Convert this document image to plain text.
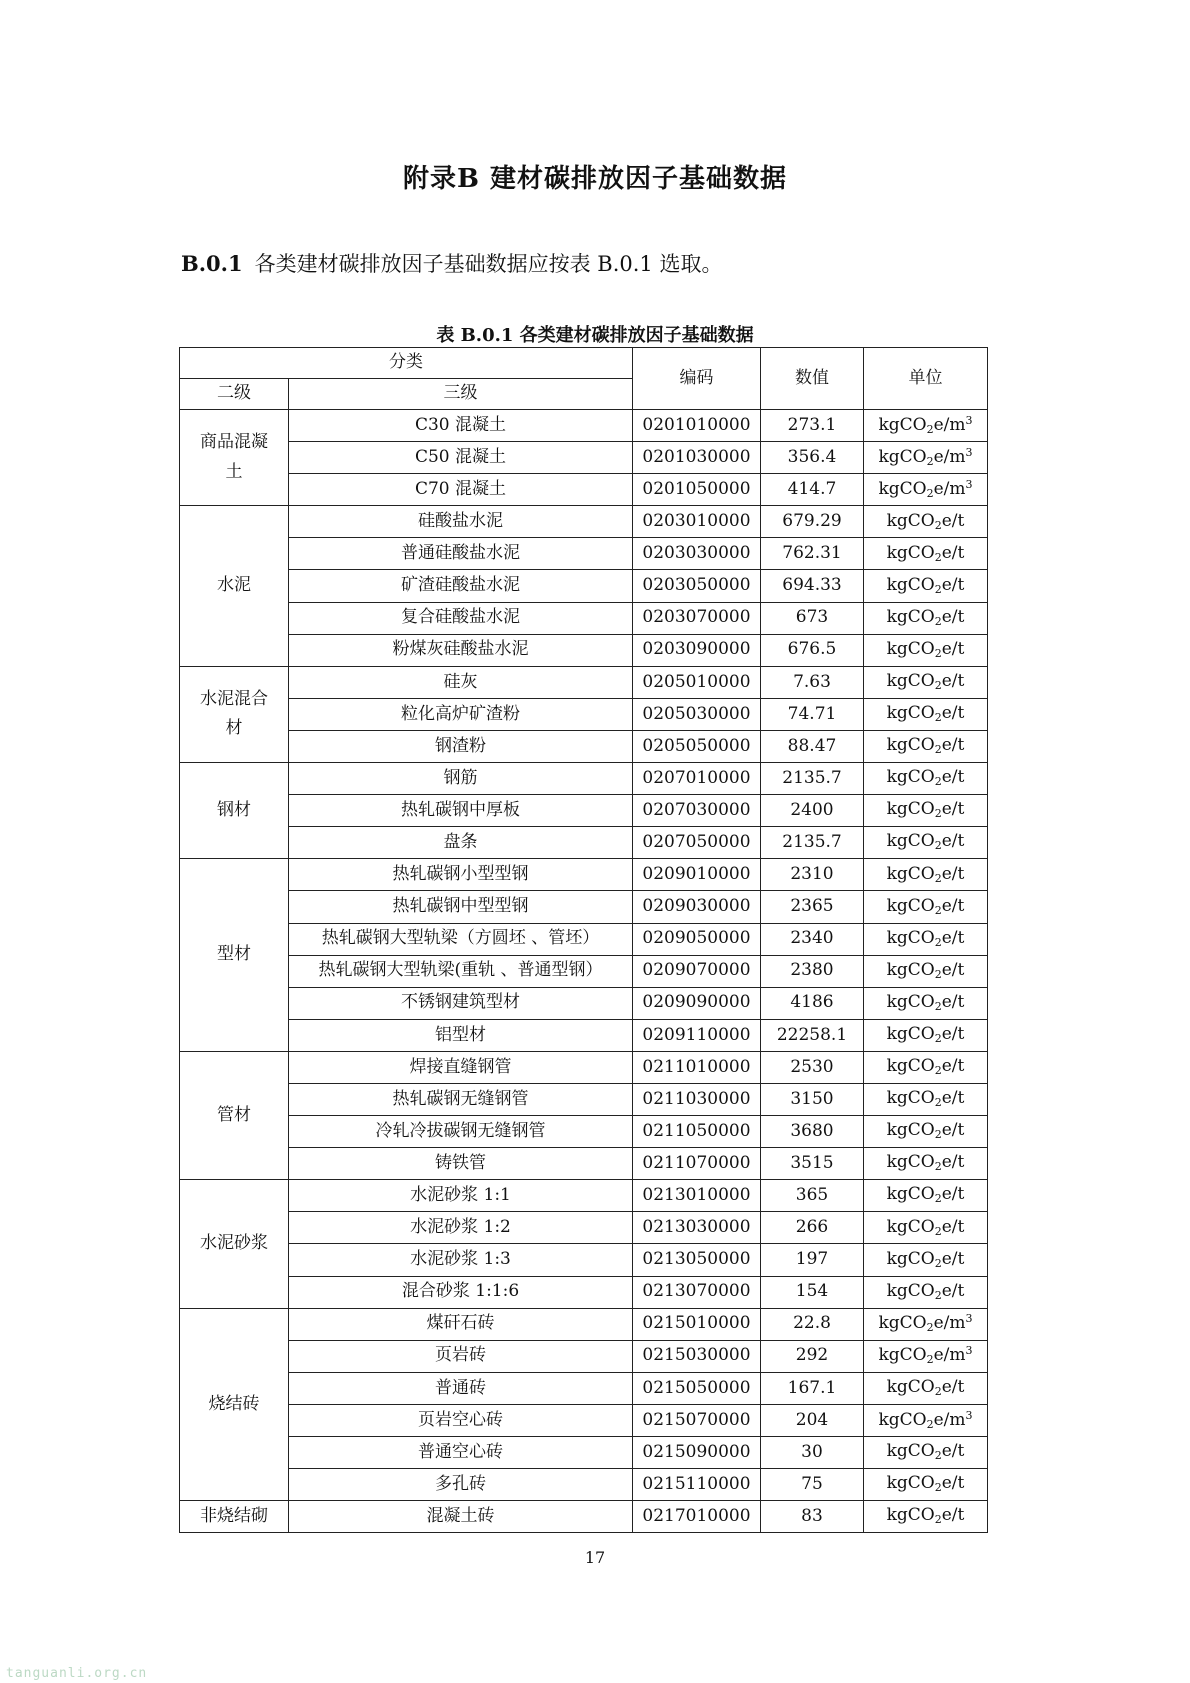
附录B 建材碳排放因子基础数据
B.0.1 各类建材碳排放因子基础数据应按表 B.0.1 选取。
表 B.0.1 各类建材碳排放因子基础数据
分类		编码	数值	单位
二级	三级			
商品混凝土	C30 混凝土	0201010000	273.1	$kgCO_2e/m^3$
	C50 混凝土	0201030000	356.4	$kgCO_2e/m^3$
	C70 混凝土	0201050000	414.7	$kgCO_2e/m^3$
水泥	硅酸盐水泥	0203010000	679.29	kgCO$_2$e/t
	普通硅酸盐水泥	0203030000	762.31	kgCO$_2$e/t
	矿渣硅酸盐水泥	0203050000	694.33	kgCO$_2$e/t
	复合硅酸盐水泥	0203070000	673	kgCO$_2$e/t
	粉煤灰硅酸盐水泥	0203090000	676.5	kgCO$_2$e/t
水泥混合材	硅灰	0205010000	7.63	kgCO$_2$e/t
	粒化高炉矿渣粉	0205030000	74.71	kgCO$_2$e/t
	钢渣粉	0205050000	88.47	kgCO$_2$e/t
钢材	钢筋	0207010000	2135.7	kgCO$_2$e/t
	热轧碳钢中厚板	0207030000	2400	kgCO$_2$e/t
	盘条	0207050000	2135.7	kgCO$_2$e/t
型材	热轧碳钢小型型钢	0209010000	2310	kgCO$_2$e/t
	热轧碳钢中型型钢	0209030000	2365	kgCO$_2$e/t
	热轧碳钢大型轨梁（方圆坯 、管坯）	0209050000	2340	kgCO$_2$e/t
	热轧碳钢大型轨梁(重轨 、普通型钢）	0209070000	2380	kgCO$_2$e/t
	不锈钢建筑型材	0209090000	4186	kgCO$_2$e/t
	铝型材	0209110000	22258.1	kgCO$_2$e/t
管材	焊接直缝钢管	0211010000	2530	kgCO$_2$e/t
	热轧碳钢无缝钢管	0211030000	3150	kgCO$_2$e/t
	冷轧冷拔碳钢无缝钢管	0211050000	3680	kgCO$_2$e/t
	铸铁管	0211070000	3515	kgCO$_2$e/t
水泥砂浆	水泥砂浆 1:1	0213010000	365	kgCO$_2$e/t
	水泥砂浆 1:2	0213030000	266	kgCO$_2$e/t
	水泥砂浆 1:3	0213050000	197	kgCO$_2$e/t
	混合砂浆 1:1:6	0213070000	154	kgCO$_2$e/t
烧结砖	煤矸石砖	0215010000	22.8	$kgCO_2e/m^3$
	页岩砖	0215030000	292	$kgCO_2e/m^3$
	普通砖	0215050000	167.1	kgCO$_2$e/t
	页岩空心砖	0215070000	204	$kgCO_2e/m^3$
	普通空心砖	0215090000	30	kgCO$_2$e/t
	多孔砖	0215110000	75	kgCO$_2$e/t
非烧结砌	混凝土砖	0217010000	83	kgCO$_2$e/t
17
tanguanli.org.cn
